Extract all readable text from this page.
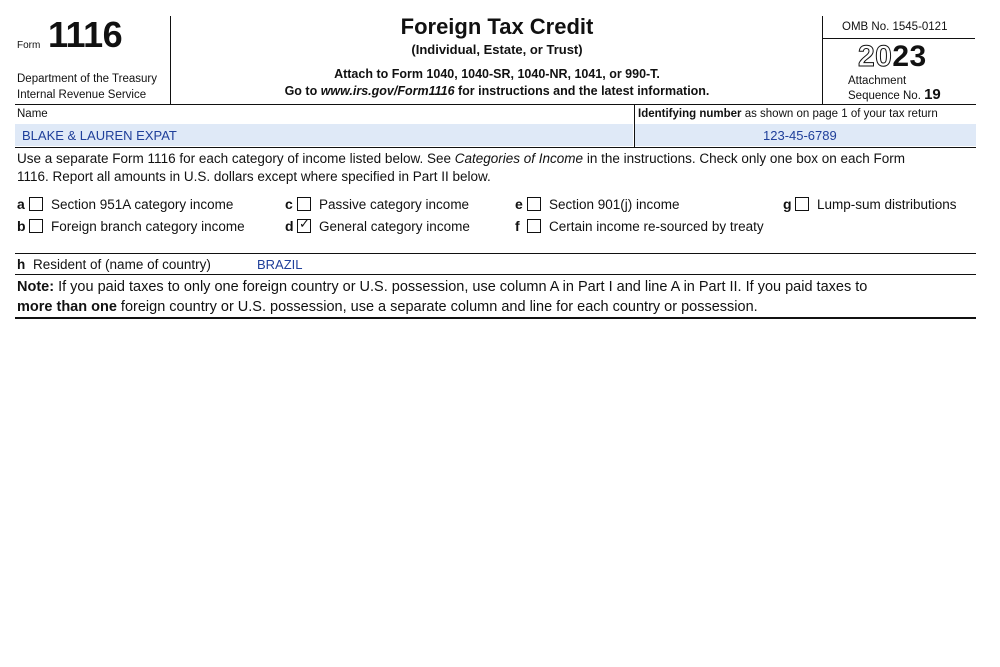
Form 1116
Department of the Treasury
Internal Revenue Service
Foreign Tax Credit
(Individual, Estate, or Trust)
Attach to Form 1040, 1040-SR, 1040-NR, 1041, or 990-T.
Go to www.irs.gov/Form1116 for instructions and the latest information.
OMB No. 1545-0121
2023
Attachment
Sequence No. 19
Name
BLAKE & LAUREN EXPAT
Identifying number as shown on page 1 of your tax return
123-45-6789
Use a separate Form 1116 for each category of income listed below. See Categories of Income in the instructions. Check only one box on each Form
1116. Report all amounts in U.S. dollars except where specified in Part II below.
a Section 951A category income
b Foreign branch category income
c Passive category income
d ✓ General category income
e Section 901(j) income
f Certain income re-sourced by treaty
g Lump-sum distributions
h Resident of (name of country)	BRAZIL
Note: If you paid taxes to only one foreign country or U.S. possession, use column A in Part I and line A in Part II. If you paid taxes to
more than one foreign country or U.S. possession, use a separate column and line for each country or possession.
